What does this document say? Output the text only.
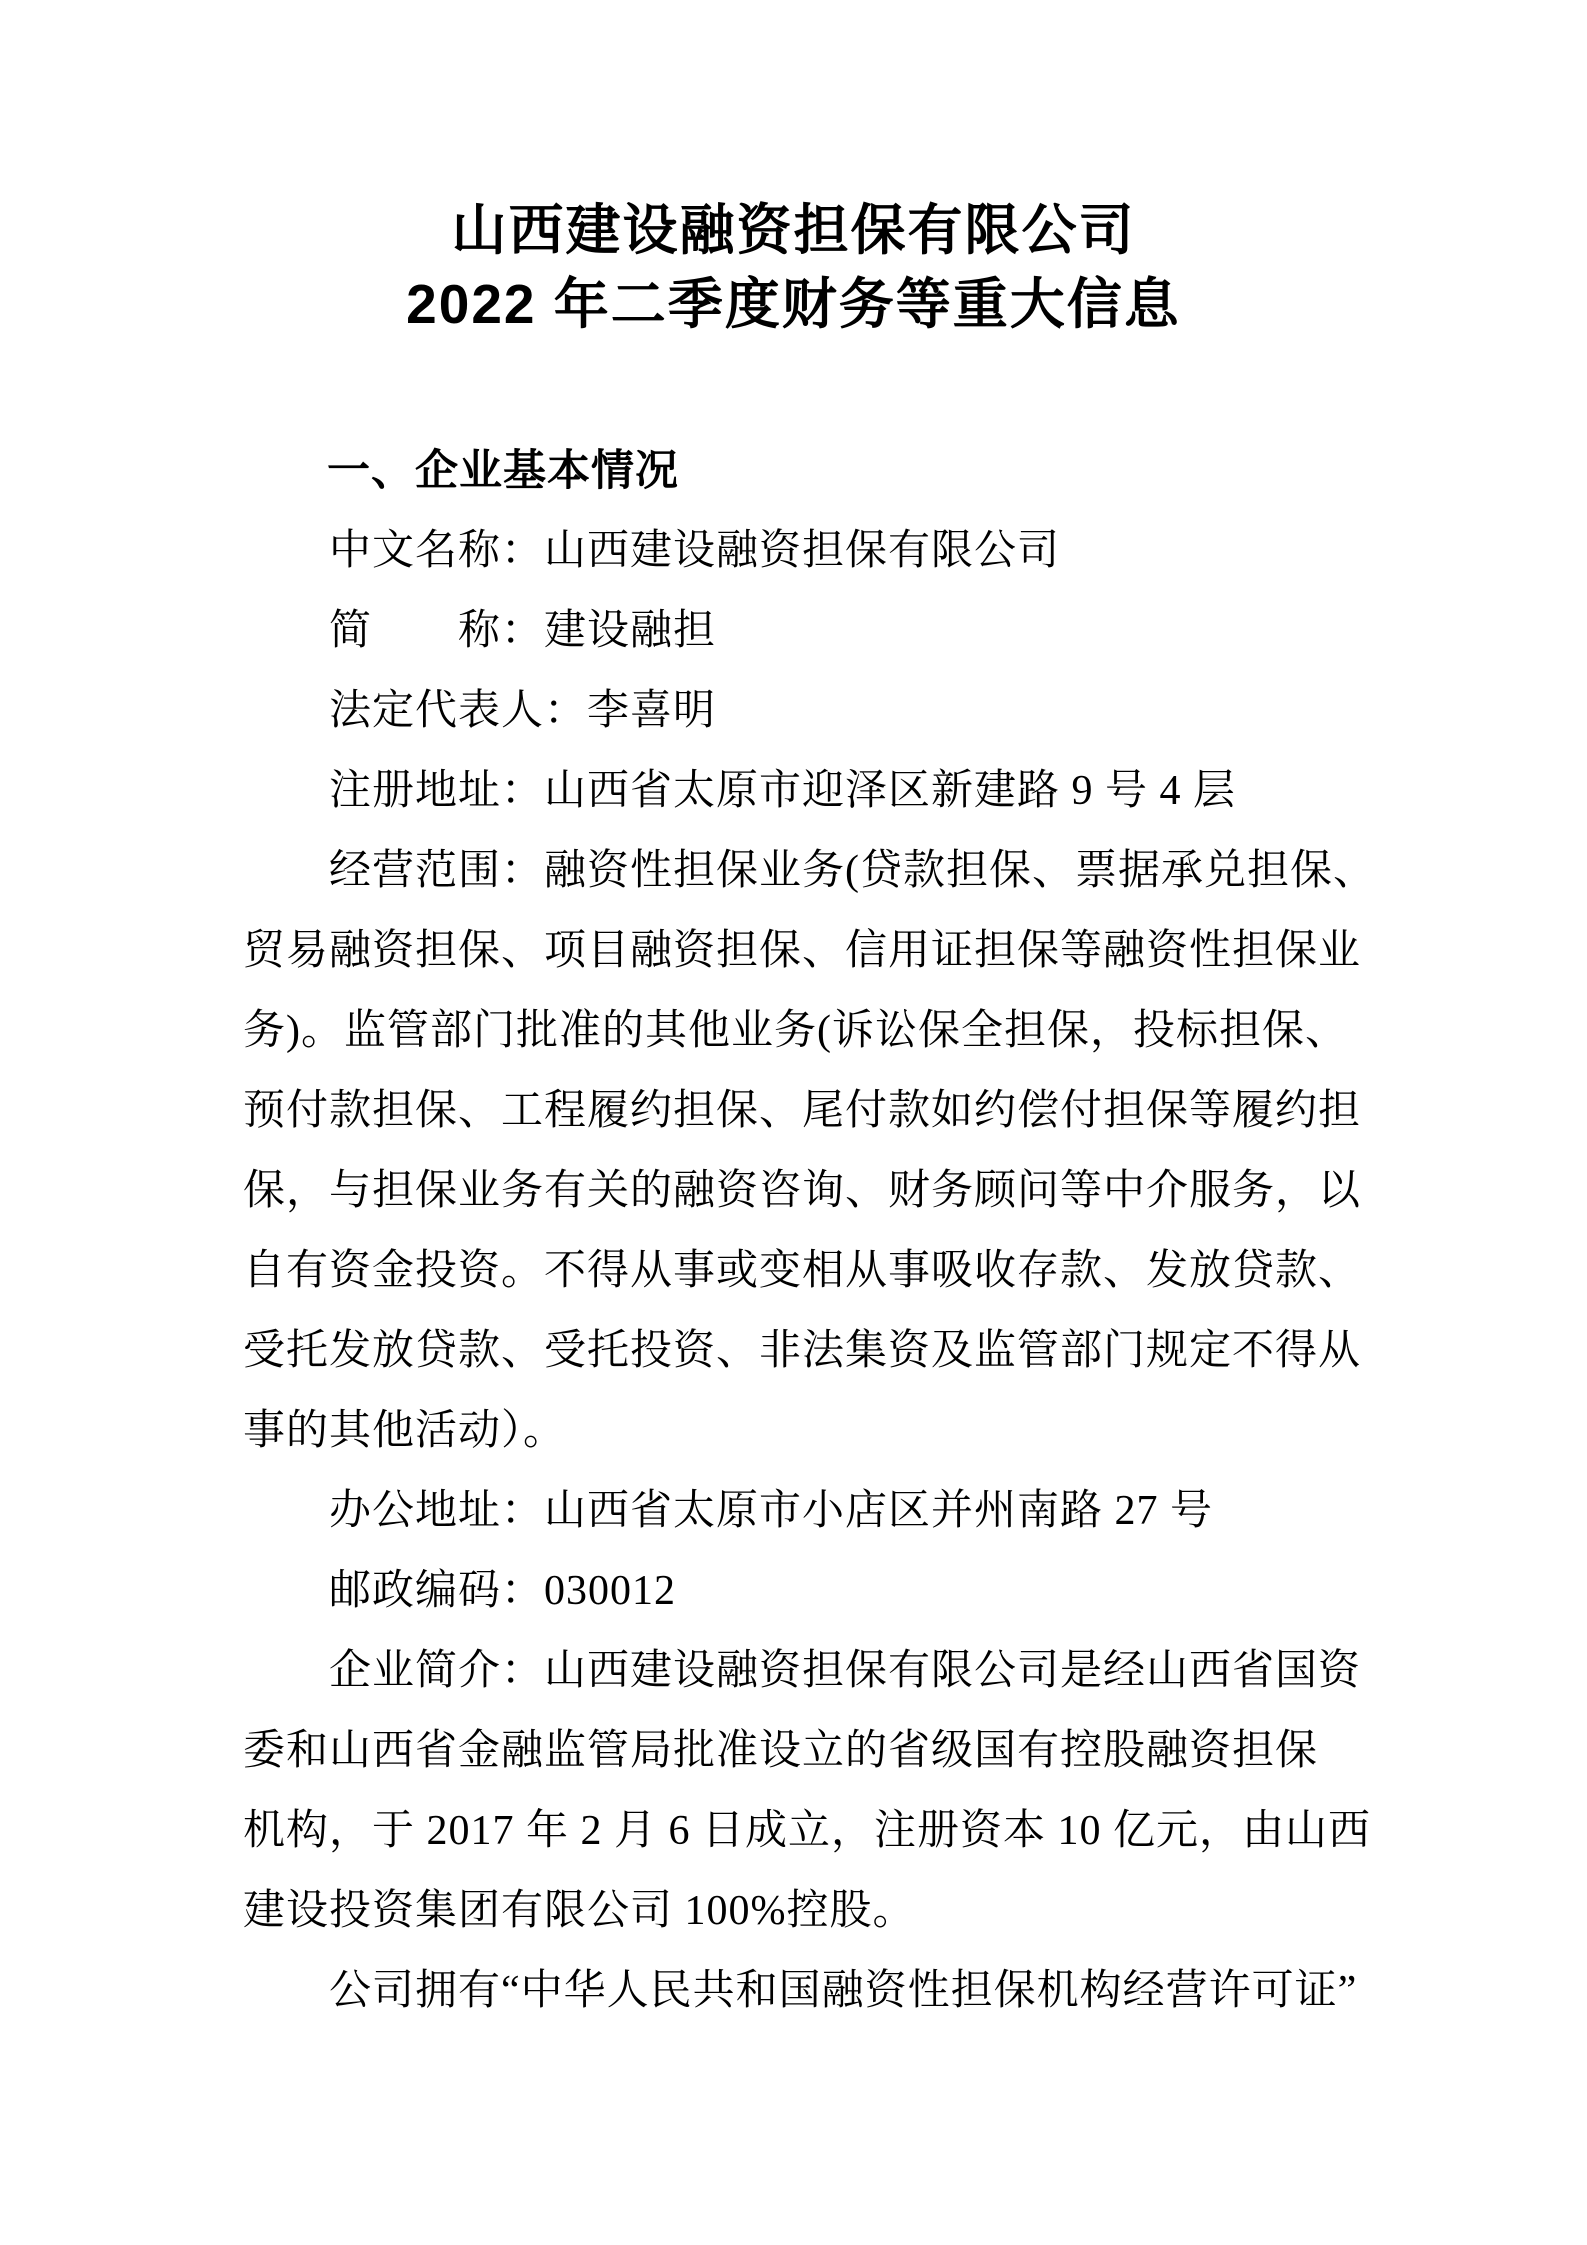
山西建设融资担保有限公司
2022 年二季度财务等重大信息
一、企业基本情况
中文名称：山西建设融资担保有限公司
简　　称：建设融担
法定代表人：李喜明
注册地址：山西省太原市迎泽区新建路 9 号 4 层
经营范围：融资性担保业务(贷款担保、票据承兑担保、
贸易融资担保、项目融资担保、信用证担保等融资性担保业
务)。监管部门批准的其他业务(诉讼保全担保，投标担保、
预付款担保、工程履约担保、尾付款如约偿付担保等履约担
保，与担保业务有关的融资咨询、财务顾问等中介服务，以
自有资金投资。不得从事或变相从事吸收存款、发放贷款、
受托发放贷款、受托投资、非法集资及监管部门规定不得从
事的其他活动）。
办公地址：山西省太原市小店区并州南路 27 号
邮政编码：030012
企业简介：山西建设融资担保有限公司是经山西省国资
委和山西省金融监管局批准设立的省级国有控股融资担保
机构，于 2017 年 2 月 6 日成立，注册资本 10 亿元，由山西
建设投资集团有限公司 100%控股。
公司拥有“中华人民共和国融资性担保机构经营许可证”
